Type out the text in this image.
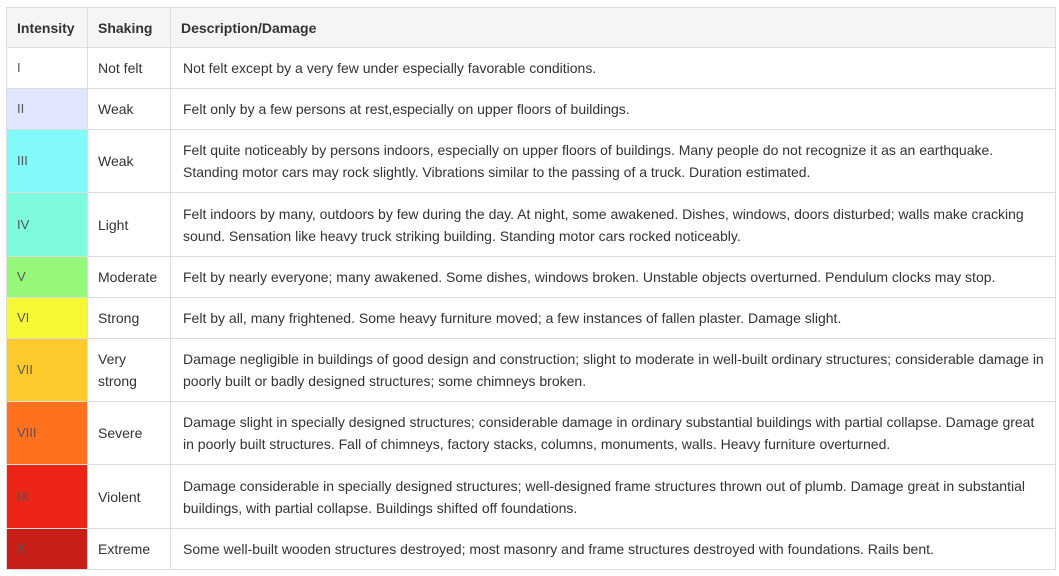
Intensity	Shaking	Description/Damage
I	Not felt	Not felt except by a very few under especially favorable conditions.
II	Weak	Felt only by a few persons at rest,especially on upper floors of buildings.
III	Weak	Felt quite noticeably by persons indoors, especially on upper floors of buildings. Many people do not recognize it as an earthquake. Standing motor cars may rock slightly. Vibrations similar to the passing of a truck. Duration estimated.
IV	Light	Felt indoors by many, outdoors by few during the day. At night, some awakened. Dishes, windows, doors disturbed; walls make cracking sound. Sensation like heavy truck striking building. Standing motor cars rocked noticeably.
V	Moderate	Felt by nearly everyone; many awakened. Some dishes, windows broken. Unstable objects overturned. Pendulum clocks may stop.
VI	Strong	Felt by all, many frightened. Some heavy furniture moved; a few instances of fallen plaster. Damage slight.
VII	Very strong	Damage negligible in buildings of good design and construction; slight to moderate in well-built ordinary structures; considerable damage in poorly built or badly designed structures; some chimneys broken.
VIII	Severe	Damage slight in specially designed structures; considerable damage in ordinary substantial buildings with partial collapse. Damage great in poorly built structures. Fall of chimneys, factory stacks, columns, monuments, walls. Heavy furniture overturned.
IX	Violent	Damage considerable in specially designed structures; well-designed frame structures thrown out of plumb. Damage great in substantial buildings, with partial collapse. Buildings shifted off foundations.
X	Extreme	Some well-built wooden structures destroyed; most masonry and frame structures destroyed with foundations. Rails bent.
